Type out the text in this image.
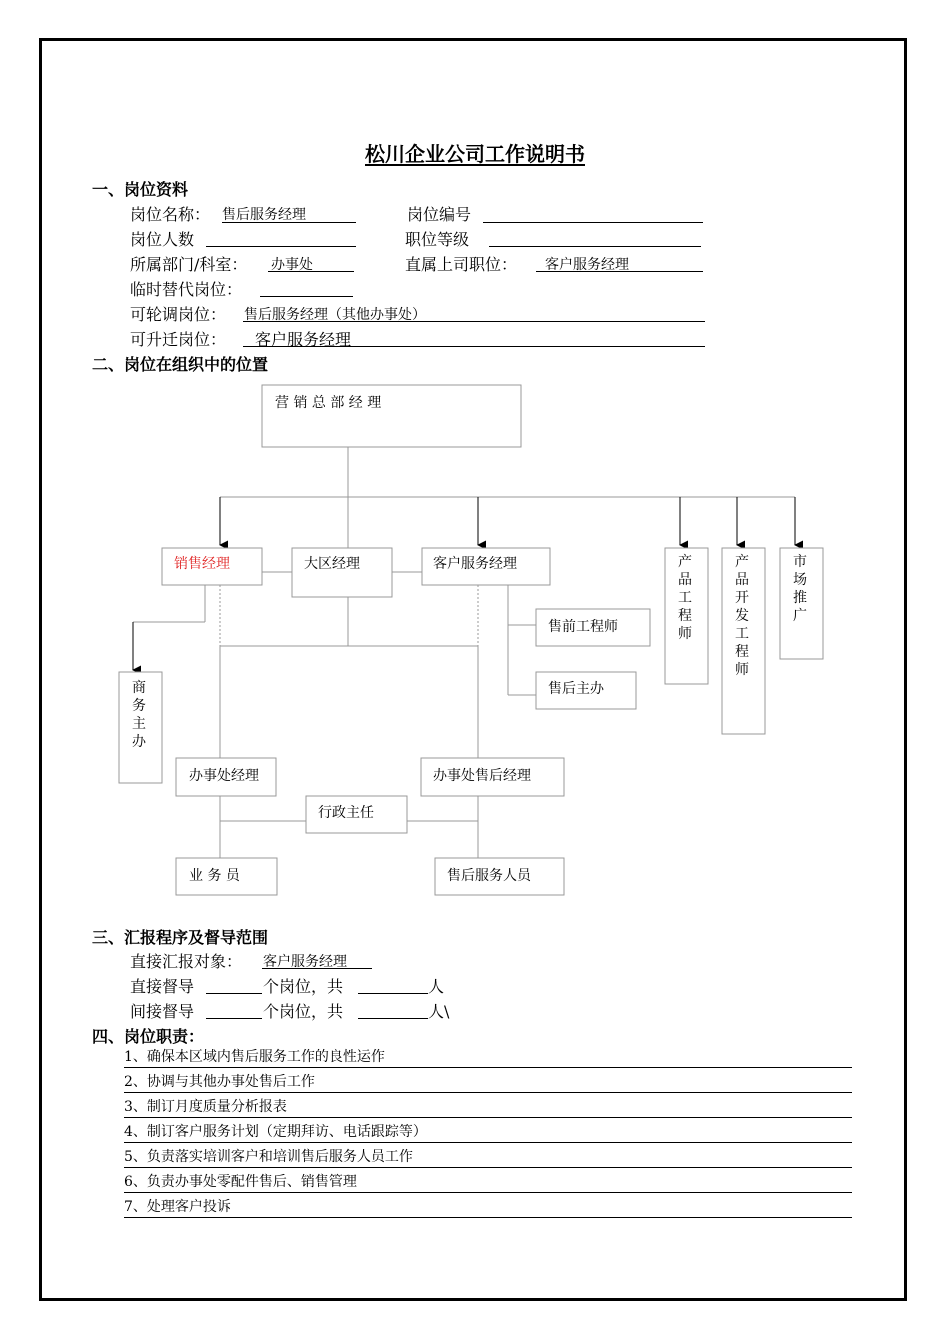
松川企业公司工作说明书
一、岗位资料
岗位名称： 售后服务经理	岗位编号
岗位人数	职位等级
所属部门/科室： 办事处	直属上司职位： 客户服务经理
临时替代岗位：
可轮调岗位： 售后服务经理（其他办事处）
可升迁岗位： 客户服务经理
二、岗位在组织中的位置
营 销 总 部 经 理
销售经理	大区经理	客户服务经理
售前工程师
售后主办
办事处经理	办事处售后经理
行政主任
业 务 员	售后服务人员
产品工程师
产品开发工程师
市场推广
商务主办
三、汇报程序及督导范围
直接汇报对象： 客户服务经理
直接督导	个岗位，共	人
间接督导	个岗位，共	人\
四、岗位职责：
1、确保本区域内售后服务工作的良性运作
2、协调与其他办事处售后工作
3、制订月度质量分析报表
4、制订客户服务计划（定期拜访、电话跟踪等）
5、负责落实培训客户和培训售后服务人员工作
6、负责办事处零配件售后、销售管理
7、处理客户投诉
